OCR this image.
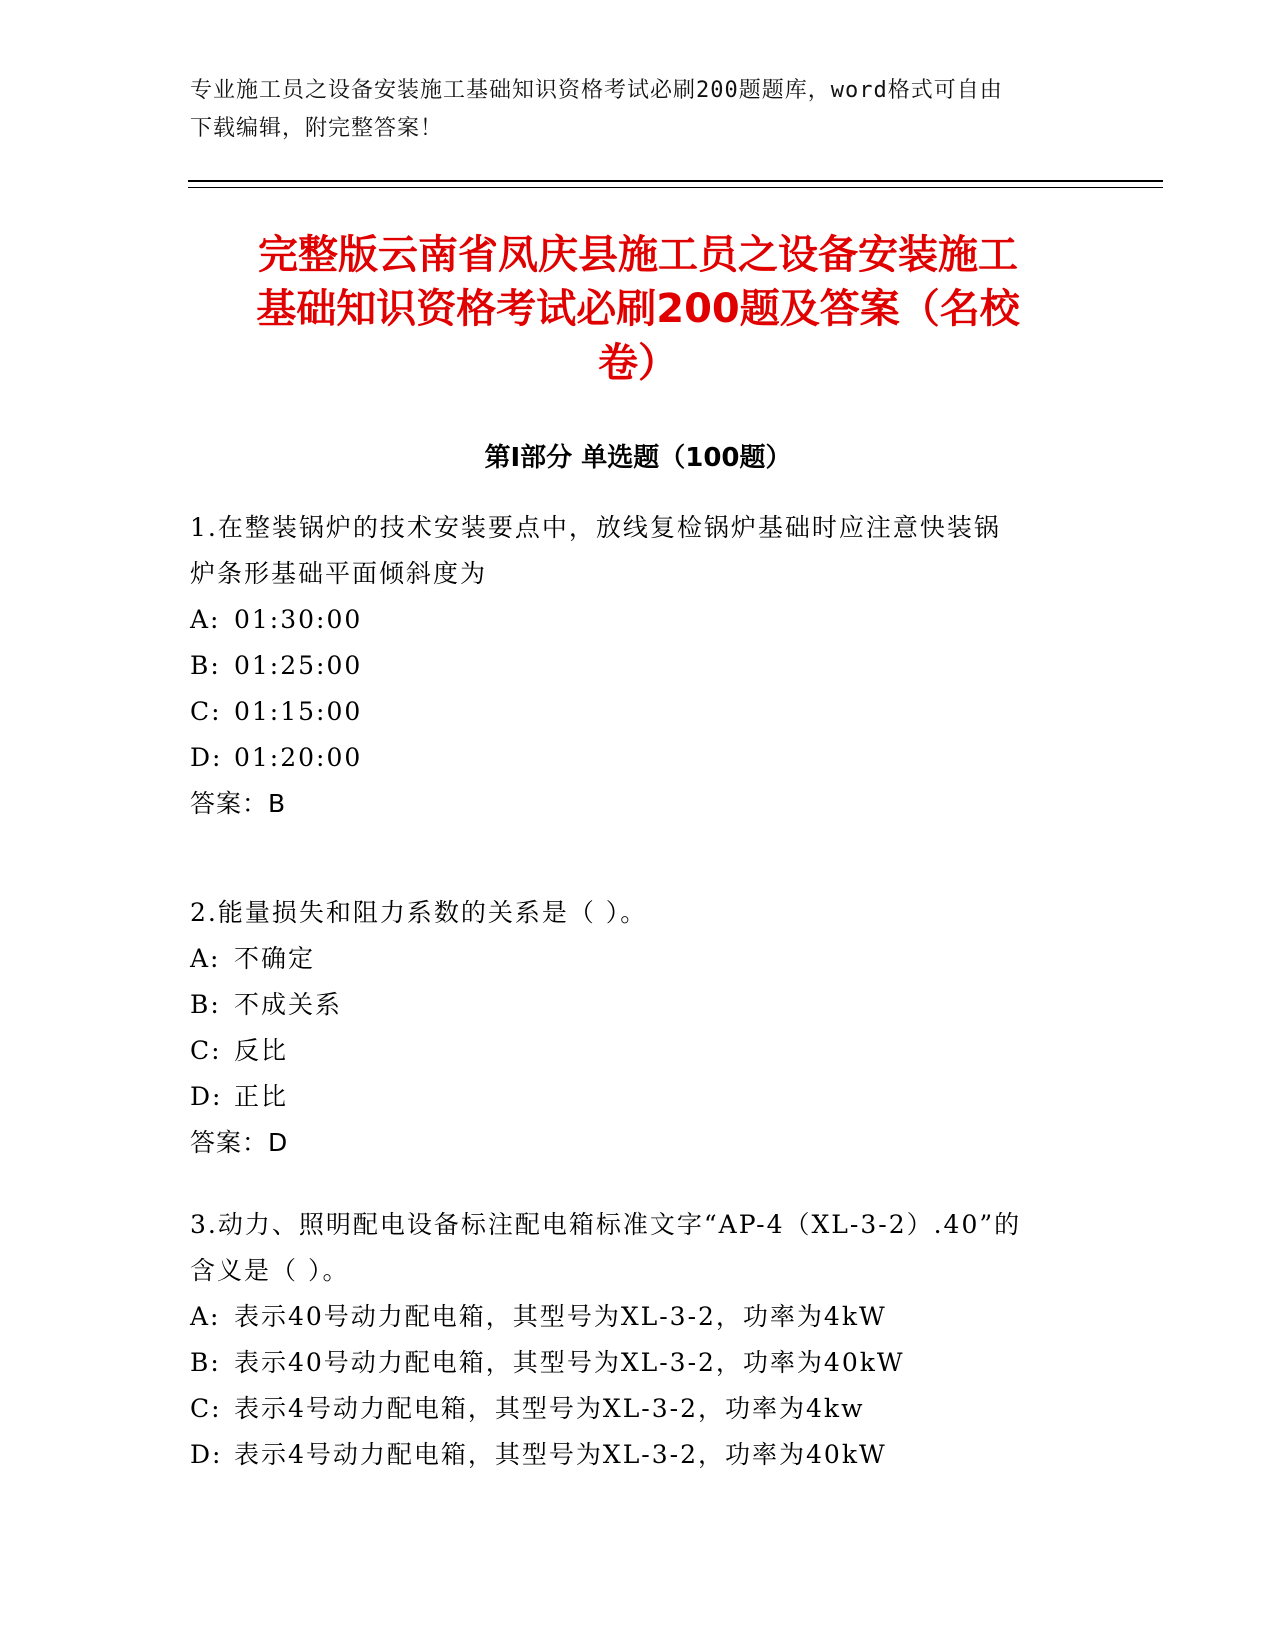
专业施工员之设备安装施工基础知识资格考试必刷200题题库，word格式可自由
下载编辑，附完整答案！
完整版云南省凤庆县施工员之设备安装施工
基础知识资格考试必刷200题及答案（名校
卷）
第Ⅰ部分 单选题（100题）
1.在整装锅炉的技术安装要点中，放线复检锅炉基础时应注意快装锅
炉条形基础平面倾斜度为
A: 01:30:00
B: 01:25:00
C: 01:15:00
D: 01:20:00
答案：B
2.能量损失和阻力系数的关系是（ ）。
A: 不确定
B: 不成关系
C: 反比
D: 正比
答案：D
3.动力、照明配电设备标注配电箱标准文字“AP-4（XL-3-2）.40”的
含义是（ ）。
A: 表示40号动力配电箱，其型号为XL-3-2，功率为4kW
B: 表示40号动力配电箱，其型号为XL-3-2，功率为40kW
C: 表示4号动力配电箱，其型号为XL-3-2，功率为4kw
D: 表示4号动力配电箱，其型号为XL-3-2，功率为40kW
